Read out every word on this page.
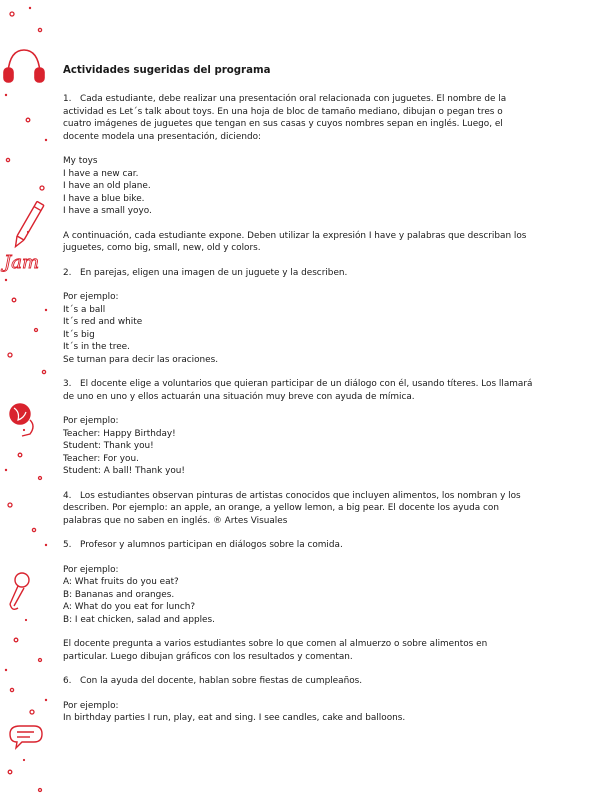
Jam
Actividades sugeridas del programa

1. Cada estudiante, debe realizar una presentación oral relacionada con juguetes. El nombre de la actividad es Let´s talk about toys. En una hoja de bloc de tamaño mediano, dibujan o pegan tres o cuatro imágenes de juguetes que tengan en sus casas y cuyos nombres sepan en inglés. Luego, el docente modela una presentación, diciendo:

My toys
I have a new car.
I have an old plane.
I have a blue bike.
I have a small yoyo.

A continuación, cada estudiante expone. Deben utilizar la expresión I have y palabras que describan los juguetes, como big, small, new, old y colors.

2. En parejas, eligen una imagen de un juguete y la describen.

Por ejemplo:
It´s a ball
It´s red and white
It´s big
It´s in the tree.
Se turnan para decir las oraciones.

3. El docente elige a voluntarios que quieran participar de un diálogo con él, usando títeres. Los llamará de uno en uno y ellos actuarán una situación muy breve con ayuda de mímica.

Por ejemplo:
Teacher: Happy Birthday!
Student: Thank you!
Teacher: For you.
Student: A ball! Thank you!

4. Los estudiantes observan pinturas de artistas conocidos que incluyen alimentos, los nombran y los describen. Por ejemplo: an apple, an orange, a yellow lemon, a big pear. El docente los ayuda con palabras que no saben en inglés. ® Artes Visuales

5. Profesor y alumnos participan en diálogos sobre la comida.

Por ejemplo:
A: What fruits do you eat?
B: Bananas and oranges.
A: What do you eat for lunch?
B: I eat chicken, salad and apples.

El docente pregunta a varios estudiantes sobre lo que comen al almuerzo o sobre alimentos en particular. Luego dibujan gráficos con los resultados y comentan.

6. Con la ayuda del docente, hablan sobre fiestas de cumpleaños.

Por ejemplo:
In birthday parties I run, play, eat and sing. I see candles, cake and balloons.
